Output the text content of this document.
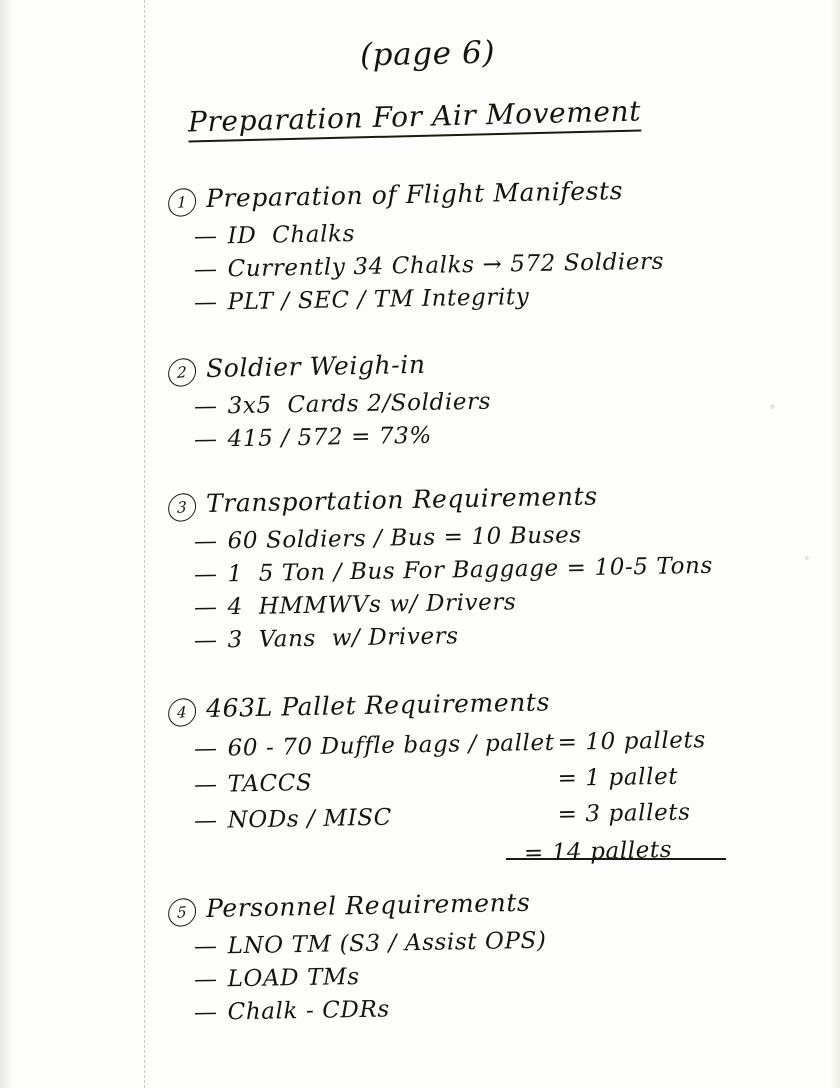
(page 6)
Preparation For Air Movement
1 Preparation of Flight Manifests
— ID  Chalks
— Currently 34 Chalks → 572 Soldiers
— PLT / SEC / TM Integrity
2 Soldier Weigh-in
— 3x5  Cards 2/Soldiers
— 415 / 572 = 73%
3 Transportation Requirements
— 60 Soldiers / Bus = 10 Buses
— 1  5 Ton / Bus For Baggage = 10-5 Tons
— 4  HMMWVs w/ Drivers
— 3  Vans  w/ Drivers
4 463L Pallet Requirements
— 60 - 70 Duffle bags / pallet = 10 pallets
— TACCS	= 1 pallet
— NODs / MISC	= 3 pallets
= 14 pallets
5 Personnel Requirements
— LNO TM (S3 / Assist OPS)
— LOAD TMs
— Chalk - CDRs
